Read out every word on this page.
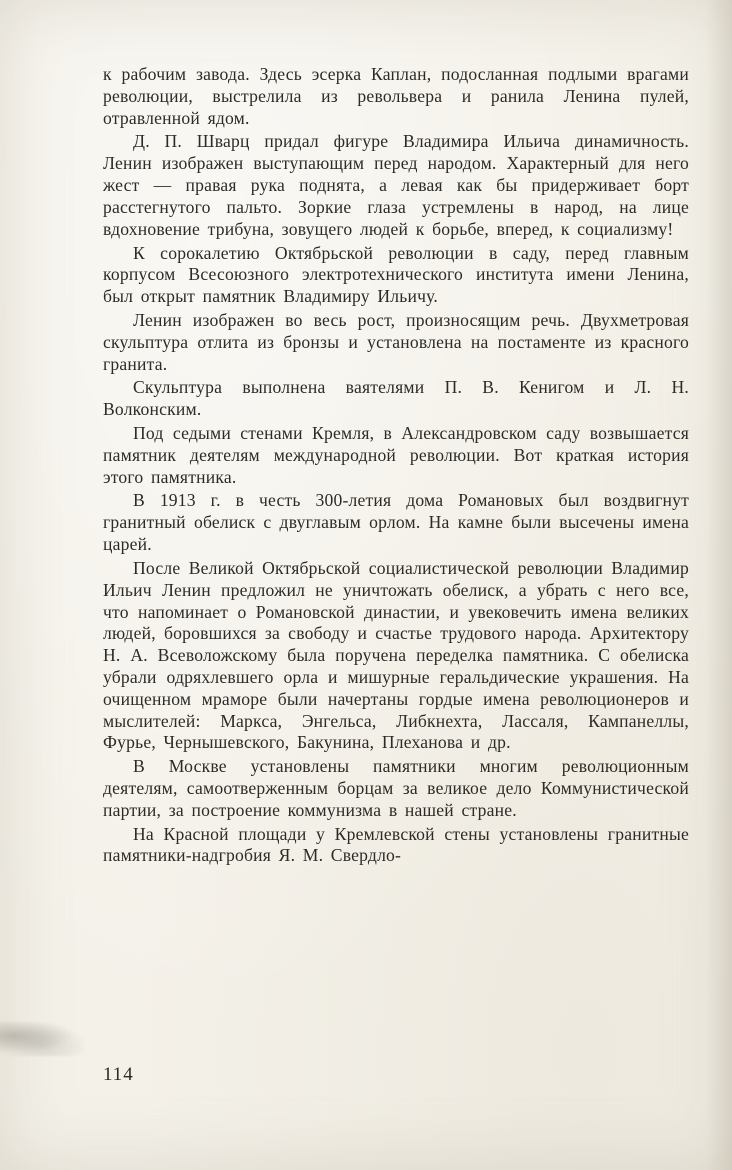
к рабочим завода. Здесь эсерка Каплан, подосланная подлыми врагами революции, выстрелила из револьвера и ранила Ленина пулей, отравленной ядом.

Д. П. Шварц придал фигуре Владимира Ильича динамичность. Ленин изображен выступающим перед народом. Характерный для него жест — правая рука поднята, а левая как бы придерживает борт расстегнутого пальто. Зоркие глаза устремлены в народ, на лице вдохновение трибуна, зовущего людей к борьбе, вперед, к социализму!

К сорокалетию Октябрьской революции в саду, перед главным корпусом Всесоюзного электротехнического института имени Ленина, был открыт памятник Владимиру Ильичу.

Ленин изображен во весь рост, произносящим речь. Двухметровая скульптура отлита из бронзы и установлена на постаменте из красного гранита.

Скульптура выполнена ваятелями П. В. Кенигом и Л. Н. Волконским.

Под седыми стенами Кремля, в Александровском саду возвышается памятник деятелям международной революции. Вот краткая история этого памятника.

В 1913 г. в честь 300-летия дома Романовых был воздвигнут гранитный обелиск с двуглавым орлом. На камне были высечены имена царей.

После Великой Октябрьской социалистической революции Владимир Ильич Ленин предложил не уничтожать обелиск, а убрать с него все, что напоминает о Романовской династии, и увековечить имена великих людей, боровшихся за свободу и счастье трудового народа. Архитектору Н. А. Всеволожскому была поручена переделка памятника. С обелиска убрали одряхлевшего орла и мишурные геральдические украшения. На очищенном мраморе были начертаны гордые имена революционеров и мыслителей: Маркса, Энгельса, Либкнехта, Лассаля, Кампанеллы, Фурье, Чернышевского, Бакунина, Плеханова и др.

В Москве установлены памятники многим революционным деятелям, самоотверженным борцам за великое дело Коммунистической партии, за построение коммунизма в нашей стране.

На Красной площади у Кремлевской стены установлены гранитные памятники-надгробия Я. М. Свердло-

114
